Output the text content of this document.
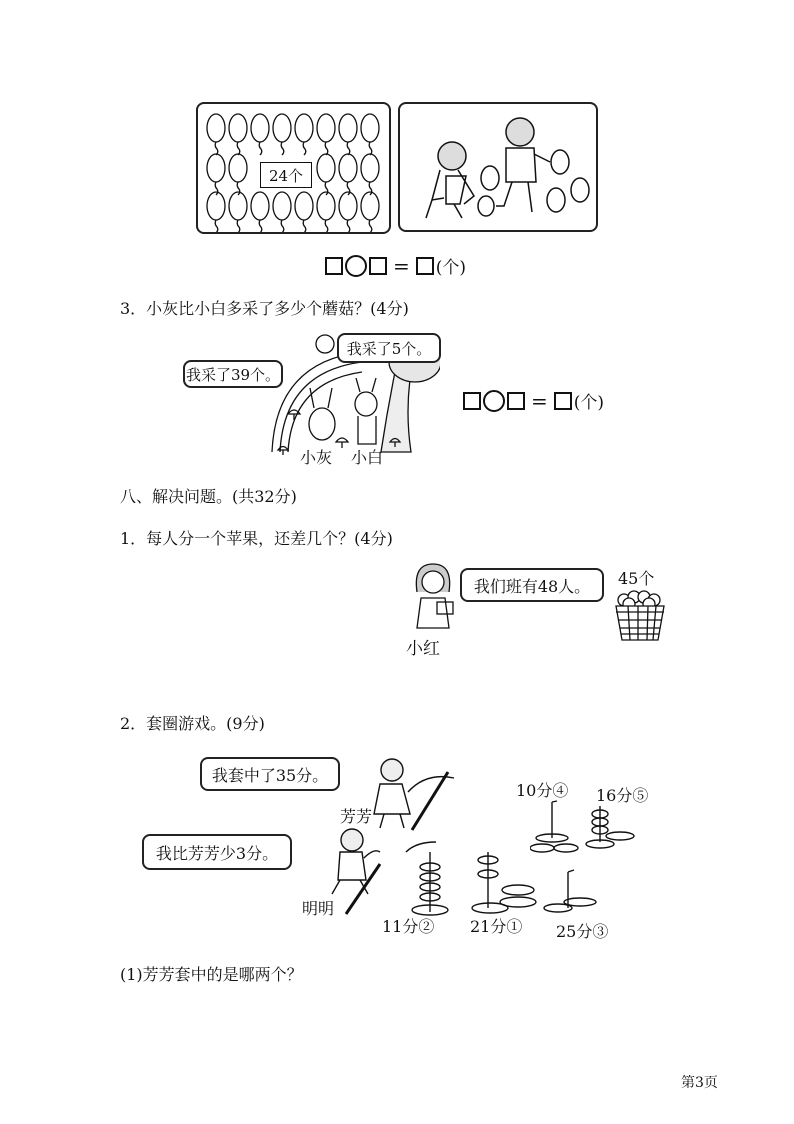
24个
= (个)
3．小灰比小白多采了多少个蘑菇？(4分)
我采了39个。
我采了5个。
小灰 小白
= (个)
八、解决问题。(共32分)
1．每人分一个苹果，还差几个？(4分)
我们班有48人。
小红
45个
2．套圈游戏。(9分)
我套中了35分。
我比芳芳少3分。
芳芳
明明
10分④ 16分⑤
11分② 21分① 25分③
(1)芳芳套中的是哪两个？
第3页
